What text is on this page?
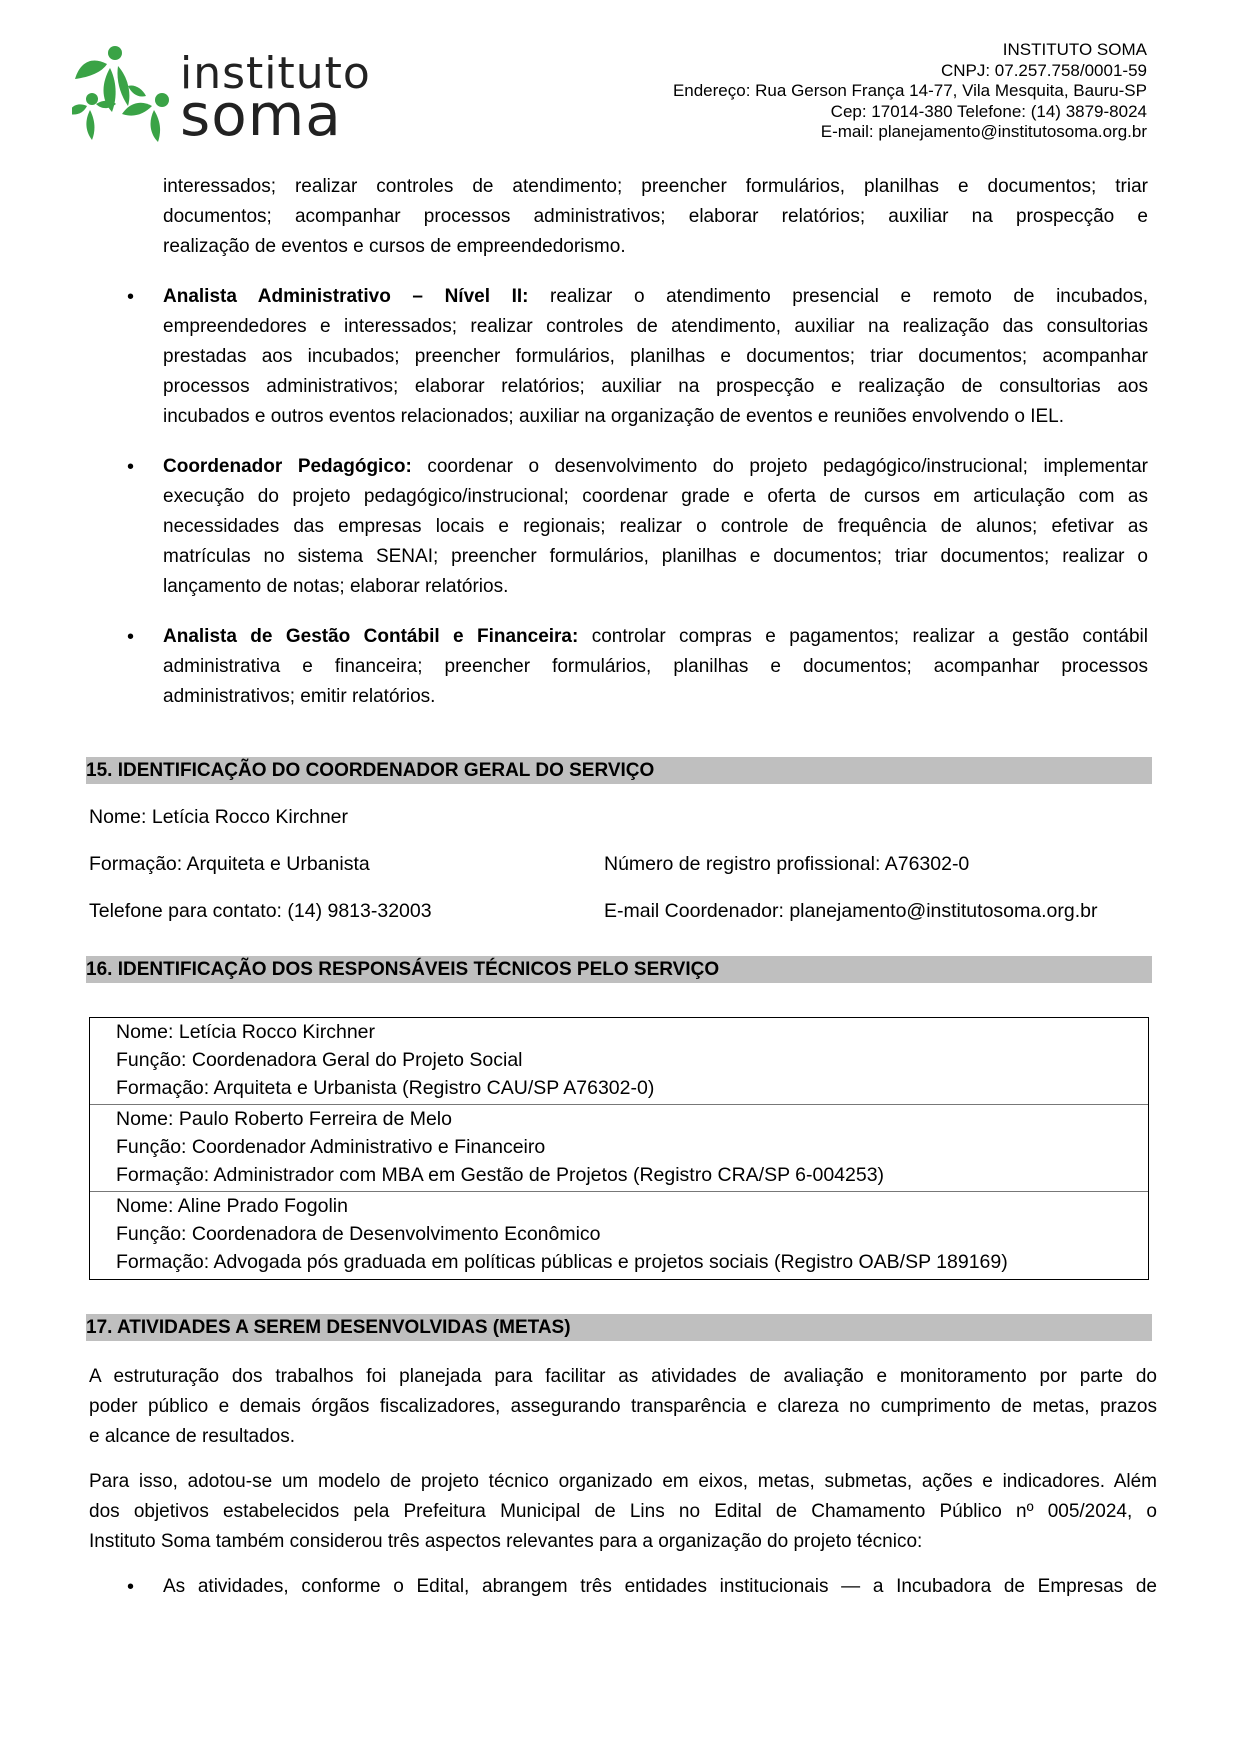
instituto
soma
INSTITUTO SOMA
CNPJ: 07.257.758/0001-59
Endereço: Rua Gerson França 14-77, Vila Mesquita, Bauru-SP
Cep: 17014-380 Telefone: (14) 3879-8024
E-mail: planejamento@institutosoma.org.br
interessados; realizar controles de atendimento; preencher formulários, planilhas e documentos; triar
documentos; acompanhar processos administrativos; elaborar relatórios; auxiliar na prospecção e
realização de eventos e cursos de empreendedorismo.
• Analista Administrativo – Nível II: realizar o atendimento presencial e remoto de incubados,
empreendedores e interessados; realizar controles de atendimento, auxiliar na realização das consultorias
prestadas aos incubados; preencher formulários, planilhas e documentos; triar documentos; acompanhar
processos administrativos; elaborar relatórios; auxiliar na prospecção e realização de consultorias aos
incubados e outros eventos relacionados; auxiliar na organização de eventos e reuniões envolvendo o IEL.
• Coordenador Pedagógico: coordenar o desenvolvimento do projeto pedagógico/instrucional; implementar
execução do projeto pedagógico/instrucional; coordenar grade e oferta de cursos em articulação com as
necessidades das empresas locais e regionais; realizar o controle de frequência de alunos; efetivar as
matrículas no sistema SENAI; preencher formulários, planilhas e documentos; triar documentos; realizar o
lançamento de notas; elaborar relatórios.
• Analista de Gestão Contábil e Financeira: controlar compras e pagamentos; realizar a gestão contábil
administrativa e financeira; preencher formulários, planilhas e documentos; acompanhar processos
administrativos; emitir relatórios.
15. IDENTIFICAÇÃO DO COORDENADOR GERAL DO SERVIÇO
Nome: Letícia Rocco Kirchner
Formação: Arquiteta e Urbanista	Número de registro profissional: A76302-0
Telefone para contato: (14) 9813-32003	E-mail Coordenador: planejamento@institutosoma.org.br
16. IDENTIFICAÇÃO DOS RESPONSÁVEIS TÉCNICOS PELO SERVIÇO
Nome: Letícia Rocco Kirchner
Função: Coordenadora Geral do Projeto Social
Formação: Arquiteta e Urbanista (Registro CAU/SP A76302-0)
Nome: Paulo Roberto Ferreira de Melo
Função: Coordenador Administrativo e Financeiro
Formação: Administrador com MBA em Gestão de Projetos (Registro CRA/SP 6-004253)
Nome: Aline Prado Fogolin
Função: Coordenadora de Desenvolvimento Econômico
Formação: Advogada pós graduada em políticas públicas e projetos sociais (Registro OAB/SP 189169)
17. ATIVIDADES A SEREM DESENVOLVIDAS (METAS)
A estruturação dos trabalhos foi planejada para facilitar as atividades de avaliação e monitoramento por parte do
poder público e demais órgãos fiscalizadores, assegurando transparência e clareza no cumprimento de metas, prazos
e alcance de resultados.
Para isso, adotou-se um modelo de projeto técnico organizado em eixos, metas, submetas, ações e indicadores. Além
dos objetivos estabelecidos pela Prefeitura Municipal de Lins no Edital de Chamamento Público nº 005/2024, o
Instituto Soma também considerou três aspectos relevantes para a organização do projeto técnico:
• As atividades, conforme o Edital, abrangem três entidades institucionais — a Incubadora de Empresas de
